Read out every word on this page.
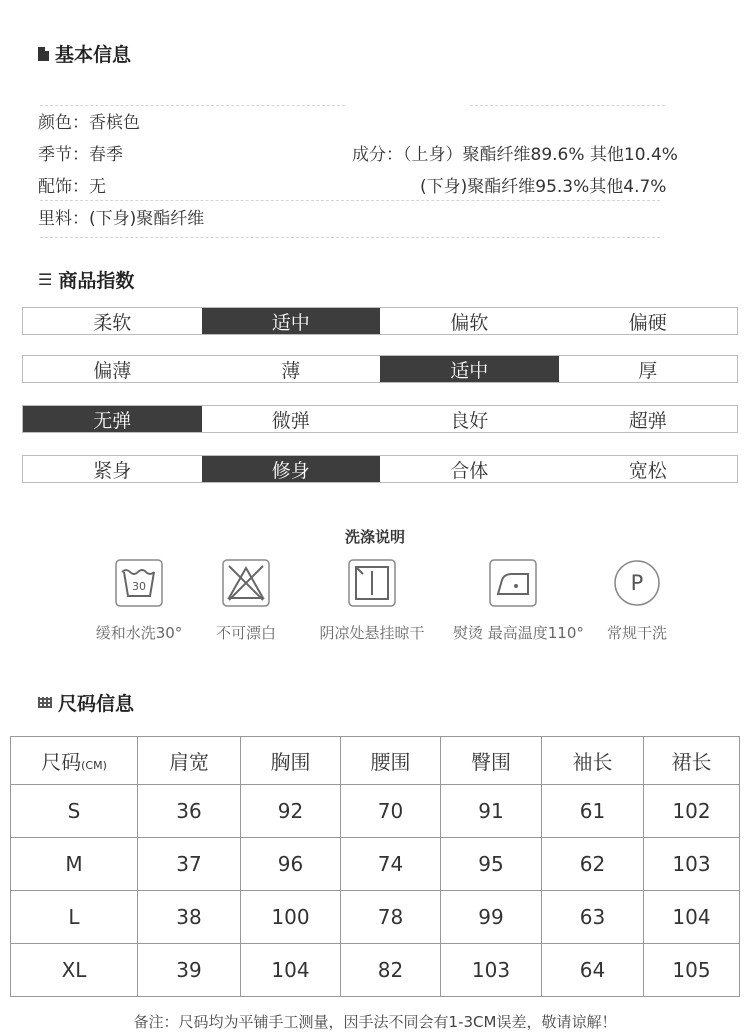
基本信息
颜色：香槟色
季节：春季	成分：（上身）聚酯纤维89.6% 其他10.4%
配饰：无	(下身)聚酯纤维95.3%其他4.7%
里料：(下身)聚酯纤维
☰ 商品指数
柔软	适中	偏软	偏硬
偏薄	薄	适中	厚
无弹	微弹	良好	超弹
紧身	修身	合体	宽松
洗涤说明
30
缓和水洗30°	不可漂白	阴凉处悬挂晾干	熨烫 最高温度110°
P
常规干洗
尺码信息
尺码(CM)	肩宽	胸围	腰围	臀围	袖长	裙长
S	36	92	70	91	61	102
M	37	96	74	95	62	103
L	38	100	78	99	63	104
XL	39	104	82	103	64	105
备注：尺码均为平铺手工测量，因手法不同会有1-3CM误差，敬请谅解！
